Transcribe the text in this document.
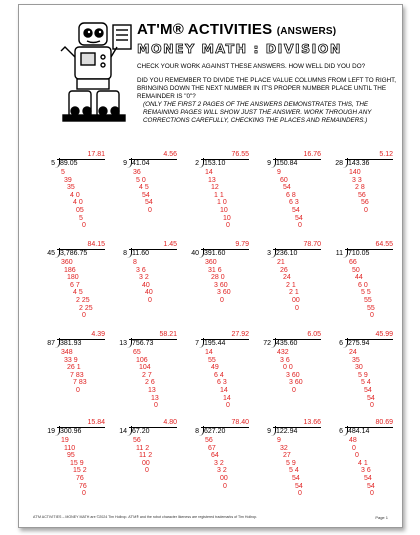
AT'M® ACTIVITIES (ANSWERS)
MONEY MATH : DIVISION
CHECK YOUR WORK AGAINST THESE ANSWERS. HOW WELL DID YOU DO?
DID YOU REMEMBER TO DIVIDE THE PLACE VALUE COLUMNS FROM LEFT TO RIGHT, BRINGING DOWN THE NEXT NUMBER IN IT'S PROPER NUMBER PLACE UNTIL THE REMAINDER IS "0"?
(ONLY THE FIRST 2 PAGES OF THE ANSWERS DEMONSTRATES THIS, THE REMAINING PAGES WILL SHOW JUST THE ANSWER. WORK THROUGH ANY CORRECTIONS CAREFULLY, CHECKING THE PLACES AND REMAINDERS.)
17.81
5 89.05
5
39
35
4 0
4 0
05
5
0
4.56
9 41.04
36
5 0
4 5
54
54
0
76.55
2 153.10
14
13
12
1 1
1 0
10
10
0
16.76
9 150.84
9
60
54
6 8
6 3
54
54
0
5.12
28 143.36
140
3 3
2 8
56
56
0
84.15
45 3,786.75
360
186
180
6 7
4 5
2 25
2 25
0
1.45
8 11.60
8
3 6
3 2
40
40
0
9.79
40 391.60
360
31 6
28 0
3 60
3 60
0
78.70
3 236.10
21
26
24
2 1
2 1
00
0
64.55
11 710.05
66
50
44
6 0
5 5
55
55
0
4.39
87 381.93
348
33 9
26 1
7 83
7 83
0
58.21
13 756.73
65
106
104
2 7
2 6
13
13
0
27.92
7 195.44
14
55
49
6 4
6 3
14
14
0
6.05
72 435.60
432
3 6
0 0
3 60
3 60
0
45.99
6 275.94
24
35
30
5 9
5 4
54
54
0
15.84
19 300.96
19
110
95
15 9
15 2
76
76
0
4.80
14 67.20
56
11 2
11 2
00
0
78.40
8 627.20
56
67
64
3 2
3 2
00
0
13.66
9 122.94
9
32
27
5 9
5 4
54
54
0
80.69
6 484.14
48
0
0
4 1
3 6
54
54
0
AT'M ACTIVITIES – MONEY MATH are ©2024 Tim Hollrop. AT'M® and the robot character likeness are registered trademarks of Tim Hollrop.	Page 1
